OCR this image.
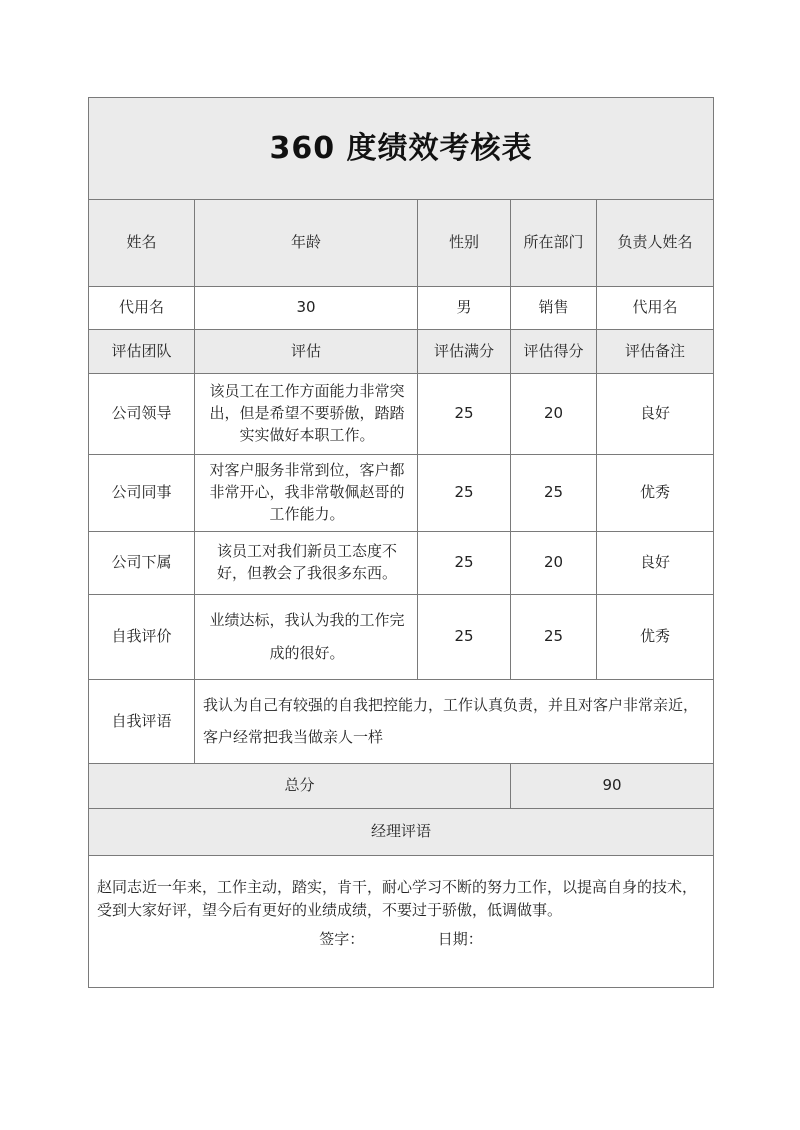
360 度绩效考核表				
姓名	年龄	性别	所在部门	负责人姓名
代用名	30	男	销售	代用名
评估团队	评估	评估满分	评估得分	评估备注
公司领导	该员工在工作方面能力非常突出，但是希望不要骄傲，踏踏实实做好本职工作。	25	20	良好
公司同事	对客户服务非常到位，客户都非常开心，我非常敬佩赵哥的工作能力。	25	25	优秀
公司下属	该员工对我们新员工态度不好，但教会了我很多东西。	25	20	良好
自我评价	业绩达标，我认为我的工作完成的很好。	25	25	优秀
自我评语	我认为自己有较强的自我把控能力，工作认真负责，并且对客户非常亲近，客户经常把我当做亲人一样			
总分			90	
经理评语				

赵同志近一年来，工作主动，踏实，肯干，耐心学习不断的努力工作，以提高自身的技术，受到大家好评，望今后有更好的业绩成绩，不要过于骄傲，低调做事。
签字： 日期：				
